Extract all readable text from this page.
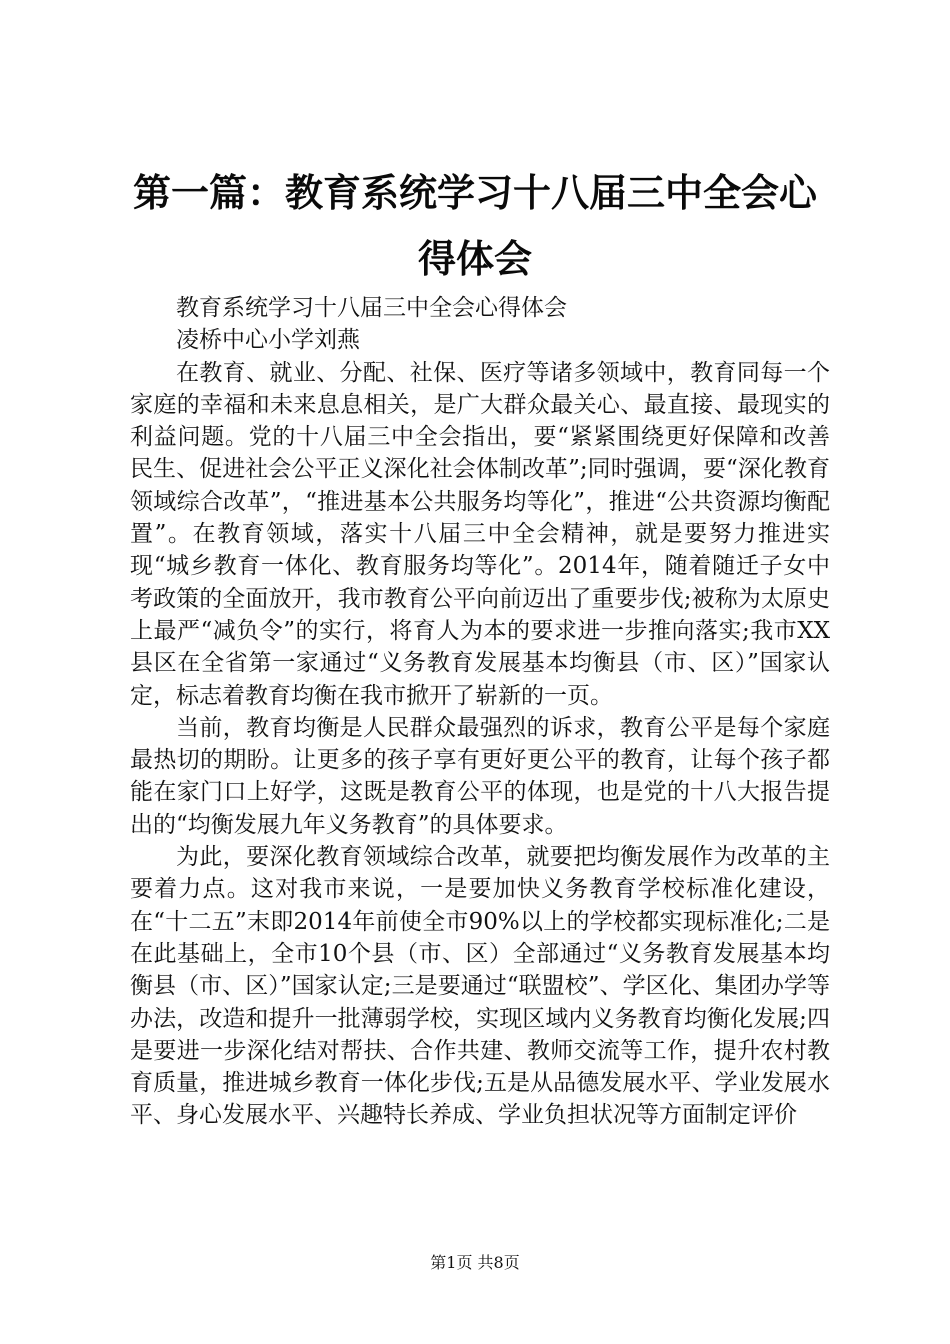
第一篇：教育系统学习十八届三中全会心得体会

教育系统学习十八届三中全会心得体会

凌桥中心小学刘燕

在教育、就业、分配、社保、医疗等诸多领域中，教育同每一个家庭的幸福和未来息息相关，是广大群众最关心、最直接、最现实的利益问题。党的十八届三中全会指出，要“紧紧围绕更好保障和改善民生、促进社会公平正义深化社会体制改革”;同时强调，要“深化教育领域综合改革”，“推进基本公共服务均等化”，推进“公共资源均衡配置”。在教育领域，落实十八届三中全会精神，就是要努力推进实现“城乡教育一体化、教育服务均等化”。2014年，随着随迁子女中考政策的全面放开，我市教育公平向前迈出了重要步伐;被称为太原史上最严“减负令”的实行，将育人为本的要求进一步推向落实;我市XX县区在全省第一家通过“义务教育发展基本均衡县（市、区）”国家认定，标志着教育均衡在我市掀开了崭新的一页。

当前，教育均衡是人民群众最强烈的诉求，教育公平是每个家庭最热切的期盼。让更多的孩子享有更好更公平的教育，让每个孩子都能在家门口上好学，这既是教育公平的体现，也是党的十八大报告提出的“均衡发展九年义务教育”的具体要求。

为此，要深化教育领域综合改革，就要把均衡发展作为改革的主要着力点。这对我市来说，一是要加快义务教育学校标准化建设，在“十二五”末即2014年前使全市90%以上的学校都实现标准化;二是在此基础上，全市10个县（市、区）全部通过“义务教育发展基本均衡县（市、区）”国家认定;三是要通过“联盟校”、学区化、集团办学等办法，改造和提升一批薄弱学校，实现区域内义务教育均衡化发展;四是要进一步深化结对帮扶、合作共建、教师交流等工作，提升农村教育质量，推进城乡教育一体化步伐;五是从品德发展水平、学业发展水平、身心发展水平、兴趣特长养成、学业负担状况等方面制定评价

第1页 共8页
